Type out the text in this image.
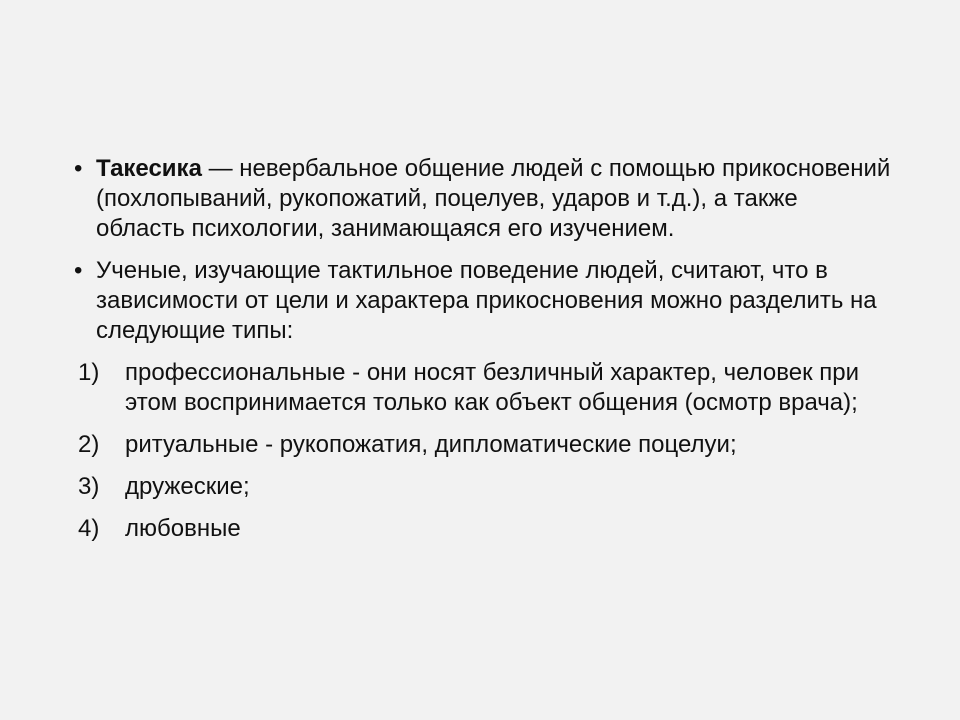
• Такесика — невербальное общение людей с помощью прикосновений (похлопываний, рукопожатий, поцелуев, ударов и т.д.), а также область психологии, занимающаяся его изучением.
• Ученые, изучающие тактильное поведение людей, считают, что в зависимости от цели и характера прикосновения можно разделить на следующие типы:
1) профессиональные - они носят безличный характер, человек при этом воспринимается только как объект общения (осмотр врача);
2) ритуальные - рукопожатия, дипломатические поцелуи;
3) дружеские;
4) любовные
